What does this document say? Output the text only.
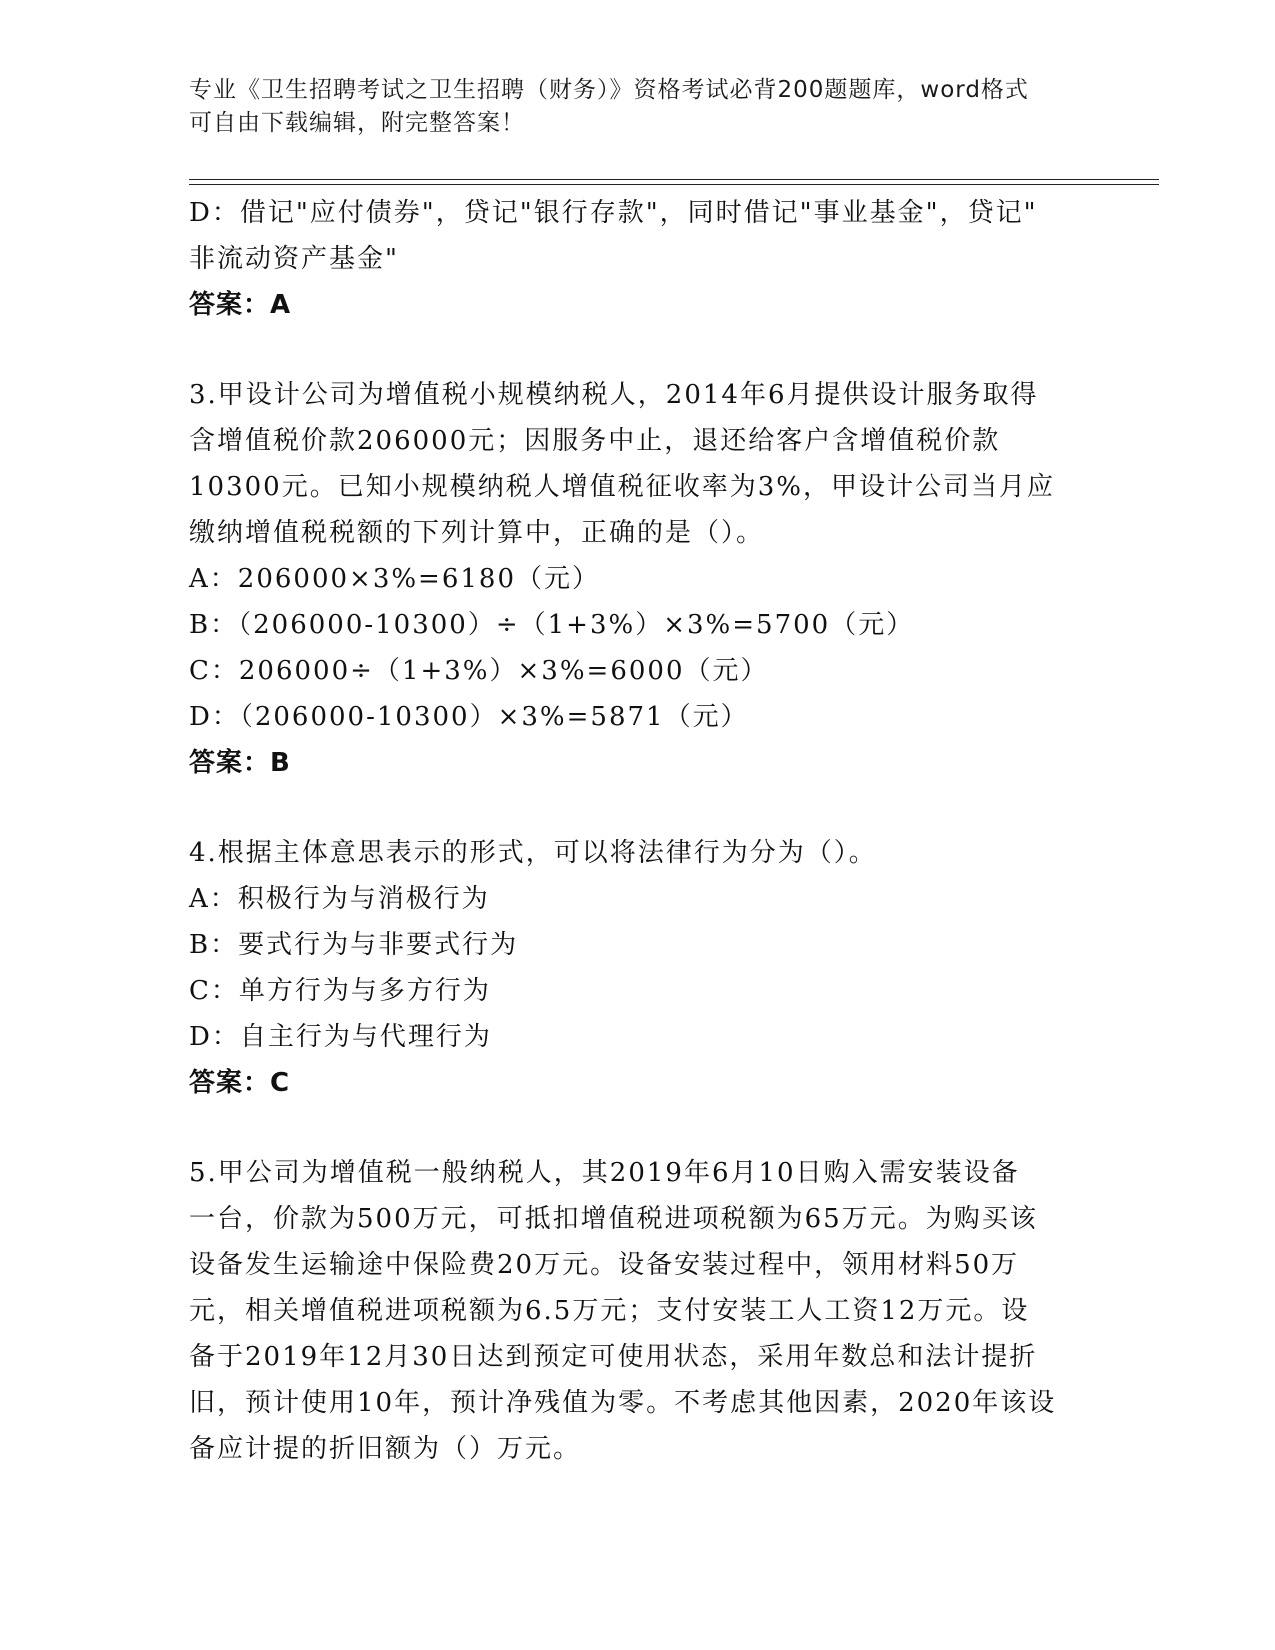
专业《卫生招聘考试之卫生招聘（财务）》资格考试必背200题题库，word格式

可自由下载编辑，附完整答案！

D：借记"应付债券"，贷记"银行存款"，同时借记"事业基金"，贷记"

非流动资产基金"

答案：A

3.甲设计公司为增值税小规模纳税人，2014年6月提供设计服务取得

含增值税价款206000元；因服务中止，退还给客户含增值税价款

10300元。已知小规模纳税人增值税征收率为3%，甲设计公司当月应

缴纳增值税税额的下列计算中，正确的是（）。

A：206000×3%=6180（元）

B：（206000-10300）÷（1+3%）×3%=5700（元）

C：206000÷（1+3%）×3%=6000（元）

D：（206000-10300）×3%=5871（元）

答案：B

4.根据主体意思表示的形式，可以将法律行为分为（）。

A：积极行为与消极行为

B：要式行为与非要式行为

C：单方行为与多方行为

D：自主行为与代理行为

答案：C

5.甲公司为增值税一般纳税人，其2019年6月10日购入需安装设备

一台，价款为500万元，可抵扣增值税进项税额为65万元。为购买该

设备发生运输途中保险费20万元。设备安装过程中，领用材料50万

元，相关增值税进项税额为6.5万元；支付安装工人工资12万元。设

备于2019年12月30日达到预定可使用状态，采用年数总和法计提折

旧，预计使用10年，预计净残值为零。不考虑其他因素，2020年该设

备应计提的折旧额为（）万元。
